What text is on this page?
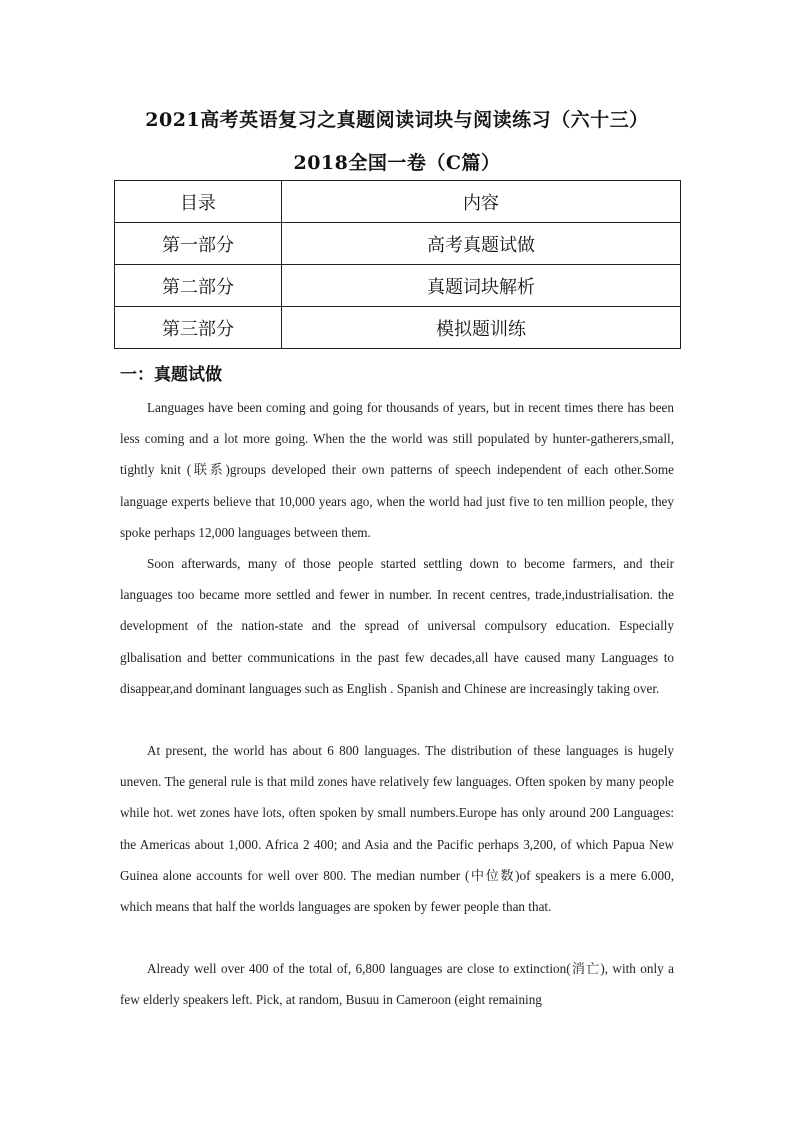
2021高考英语复习之真题阅读词块与阅读练习（六十三）
2018全国一卷（C篇）
目录	内容
第一部分	高考真题试做
第二部分	真题词块解析
第三部分	模拟题训练
一：真题试做

Languages have been coming and going for thousands of years, but in recent times there has been less coming and a lot more going. When the the world was still populated by hunter-gatherers,small, tightly knit (联系)groups developed their own patterns of speech independent of each other.Some language experts believe that 10,000 years ago, when the world had just five to ten million people, they spoke perhaps 12,000 languages between them.

Soon afterwards, many of those people started settling down to become farmers, and their languages too became more settled and fewer in number. In recent centres, trade,industrialisation. the development of the nation-state and the spread of universal compulsory education. Especially glbalisation and better communications in the past few decades,all have caused many Languages to disappear,and dominant languages such as English . Spanish and Chinese are increasingly taking over.

At present, the world has about 6 800 languages. The distribution of these languages is hugely uneven. The general rule is that mild zones have relatively few languages. Often spoken by many people while hot. wet zones have lots, often spoken by small numbers.Europe has only around 200 Languages: the Americas about 1,000. Africa 2 400; and Asia and the Pacific perhaps 3,200, of which Papua New Guinea alone accounts for well over 800. The median number (中位数)of speakers is a mere 6.000, which means that half the worlds languages are spoken by fewer people than that.

Already well over 400 of the total of, 6,800 languages are close to extinction(消亡), with only a few elderly speakers left. Pick, at random, Busuu in Cameroon (eight remaining
